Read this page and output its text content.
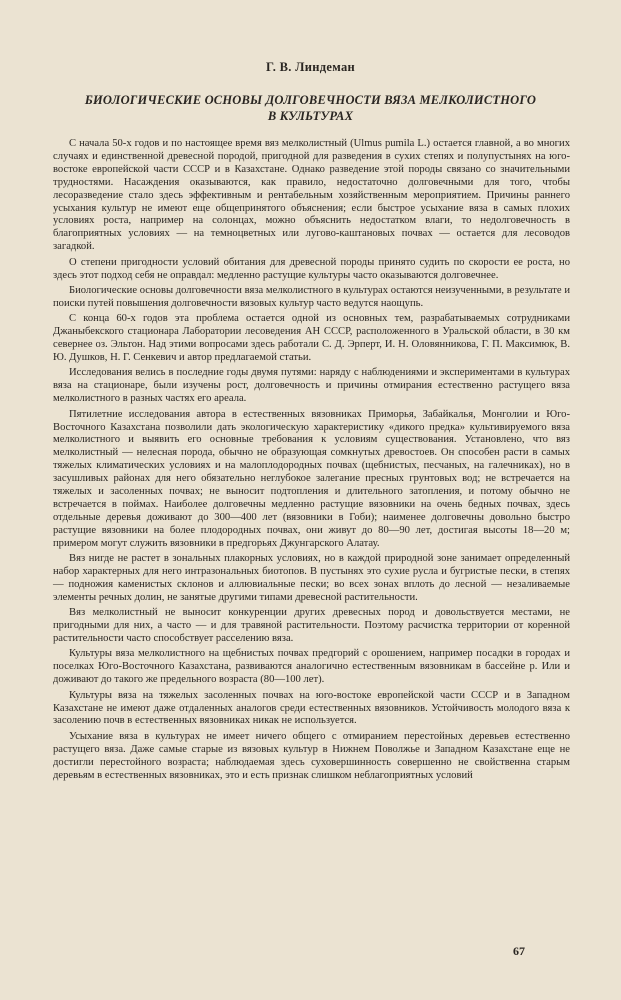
Г. В. Линдеман
БИОЛОГИЧЕСКИЕ ОСНОВЫ ДОЛГОВЕЧНОСТИ ВЯЗА МЕЛКОЛИСТНОГО
В КУЛЬТУРАХ

С начала 50-х годов и по настоящее время вяз мелколистный (Ulmus pumila L.) остается главной, а во многих случаях и единственной древесной породой, пригодной для разведения в сухих степях и полупустынях на юго-востоке европейской части СССР и в Казахстане. Однако разведение этой породы связано со значительными трудностями. Насаждения оказываются, как правило, недостаточно долговечными для того, чтобы лесоразведение стало здесь эффективным и рентабельным хозяйственным мероприятием. Причины раннего усыхания культур не имеют еще общепринятого объяснения; если быстрое усыхание вяза в самых плохих условиях роста, например на солонцах, можно объяснить недостатком влаги, то недолговечность в благоприятных условиях — на темноцветных или лугово-каштановых почвах — остается для лесоводов загадкой.

О степени пригодности условий обитания для древесной породы принято судить по скорости ее роста, но здесь этот подход себя не оправдал: медленно растущие культуры часто оказываются долговечнее.

Биологические основы долговечности вяза мелколистного в культурах остаются неизученными, в результате и поиски путей повышения долговечности вязовых культур часто ведутся наощупь.

С конца 60-х годов эта проблема остается одной из основных тем, разрабатываемых сотрудниками Джаныбекского стационара Лаборатории лесоведения АН СССР, расположенного в Уральской области, в 30 км севернее оз. Эльтон. Над этими вопросами здесь работали С. Д. Эрперт, И. Н. Оловянникова, Г. П. Максимюк, В. Ю. Душков, Н. Г. Сенкевич и автор предлагаемой статьи.

Исследования велись в последние годы двумя путями: наряду с наблюдениями и экспериментами в культурах вяза на стационаре, были изучены рост, долговечность и причины отмирания естественно растущего вяза мелколистного в разных частях его ареала.

Пятилетние исследования автора в естественных вязовниках Приморья, Забайкалья, Монголии и Юго-Восточного Казахстана позволили дать экологическую характеристику «дикого предка» культивируемого вяза мелколистного и выявить его основные требования к условиям существования. Установлено, что вяз мелколистный — нелесная порода, обычно не образующая сомкнутых древостоев. Он способен расти в самых тяжелых климатических условиях и на малоплодородных почвах (щебнистых, песчаных, на галечниках), но в засушливых районах для него обязательно неглубокое залегание пресных грунтовых вод; не встречается на тяжелых и засоленных почвах; не выносит подтопления и длительного затопления, и потому обычно не встречается в поймах. Наиболее долговечны медленно растущие вязовники на очень бедных почвах, здесь отдельные деревья доживают до 300—400 лет (вязовники в Гоби); наименее долговечны довольно быстро растущие вязовники на более плодородных почвах, они живут до 80—90 лет, достигая высоты 18—20 м; примером могут служить вязовники в предгорьях Джунгарского Алатау.

Вяз нигде не растет в зональных плакорных условиях, но в каждой природной зоне занимает определенный набор характерных для него интразональных биотопов. В пустынях это сухие русла и бугристые пески, в степях — подножия каменистых склонов и аллювиальные пески; во всех зонах вплоть до лесной — незаливаемые элементы речных долин, не занятые другими типами древесной растительности.

Вяз мелколистный не выносит конкуренции других древесных пород и довольствуется местами, не пригодными для них, а часто — и для травяной растительности. Поэтому расчистка территории от коренной растительности часто способствует расселению вяза.

Культуры вяза мелколистного на щебнистых почвах предгорий с орошением, например посадки в городах и поселках Юго-Восточного Казахстана, развиваются аналогично естественным вязовникам в бассейне р. Или и доживают до такого же предельного возраста (80—100 лет).

Культуры вяза на тяжелых засоленных почвах на юго-востоке европейской части СССР и в Западном Казахстане не имеют даже отдаленных аналогов среди естественных вязовников. Устойчивость молодого вяза к засолению почв в естественных вязовниках никак не используется.

Усыхание вяза в культурах не имеет ничего общего с отмиранием перестойных деревьев естественно растущего вяза. Даже самые старые из вязовых культур в Нижнем Поволжье и Западном Казахстане еще не достигли перестойного возраста; наблюдаемая здесь суховершинность совершенно не свойственна старым деревьям в естественных вязовниках, это и есть признак слишком неблагоприятных условий

67
